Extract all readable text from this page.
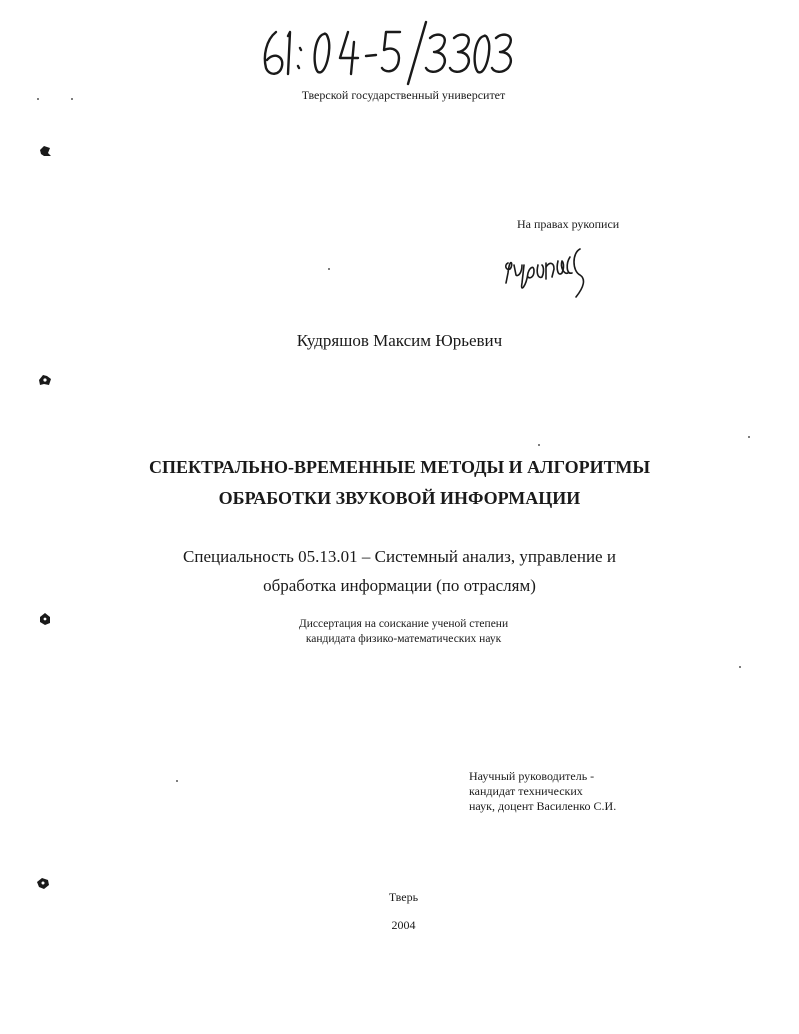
Тверской государственный университет
На правах рукописи
Кудряшов Максим Юрьевич
СПЕКТРАЛЬНО-ВРЕМЕННЫЕ МЕТОДЫ И АЛГОРИТМЫ
ОБРАБОТКИ ЗВУКОВОЙ ИНФОРМАЦИИ
Специальность 05.13.01 – Системный анализ, управление и
обработка информации (по отраслям)
Диссертация на соискание ученой степени
кандидата физико-математических наук
Научный руководитель -
кандидат технических
наук, доцент Василенко С.И.
Тверь
2004
